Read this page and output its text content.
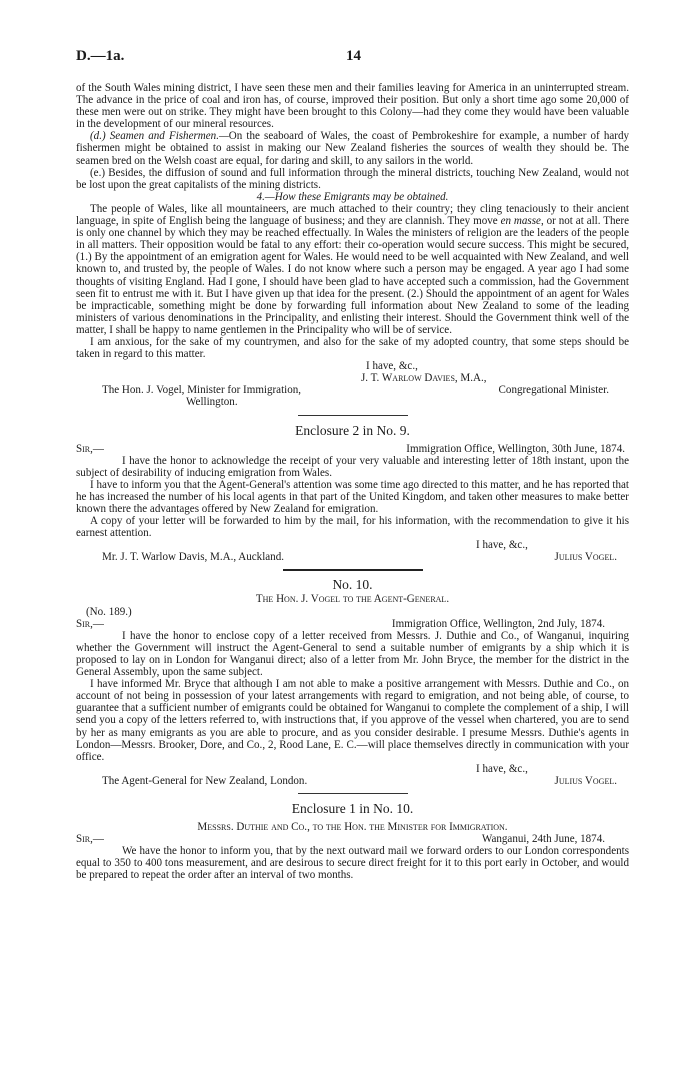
D.—1a.	14

of the South Wales mining district, I have seen these men and their families leaving for America in an uninterrupted stream. The advance in the price of coal and iron has, of course, improved their position. But only a short time ago some 20,000 of these men were out on strike. They might have been brought to this Colony—had they come they would have been valuable in the development of our mineral resources.

(d.) Seamen and Fishermen.—On the seaboard of Wales, the coast of Pembrokeshire for example, a number of hardy fishermen might be obtained to assist in making our New Zealand fisheries the sources of wealth they should be. The seamen bred on the Welsh coast are equal, for daring and skill, to any sailors in the world.

(e.) Besides, the diffusion of sound and full information through the mineral districts, touching New Zealand, would not be lost upon the great capitalists of the mining districts.

4.—How these Emigrants may be obtained.

The people of Wales, like all mountaineers, are much attached to their country; they cling tenaciously to their ancient language, in spite of English being the language of business; and they are clannish. They move en masse, or not at all. There is only one channel by which they may be reached effectually. In Wales the ministers of religion are the leaders of the people in all matters. Their opposition would be fatal to any effort: their co-operation would secure success. This might be secured, (1.) By the appointment of an emigration agent for Wales. He would need to be well acquainted with New Zealand, and well known to, and trusted by, the people of Wales. I do not know where such a person may be engaged. A year ago I had some thoughts of visiting England. Had I gone, I should have been glad to have accepted such a commission, had the Government seen fit to entrust me with it. But I have given up that idea for the present. (2.) Should the appointment of an agent for Wales be impracticable, something might be done by forwarding full information about New Zealand to some of the leading ministers of various denominations in the Principality, and enlisting their interest. Should the Government think well of the matter, I shall be happy to name gentlemen in the Principality who will be of service.

I am anxious, for the sake of my countrymen, and also for the sake of my adopted country, that some steps should be taken in regard to this matter.

I have, &c.,

J. T. Warlow Davies, M.A.,

The Hon. J. Vogel, Minister for Immigration,	Congregational Minister.

Wellington.

Enclosure 2 in No. 9.

Sir,—	Immigration Office, Wellington, 30th June, 1874.

I have the honor to acknowledge the receipt of your very valuable and interesting letter of 18th instant, upon the subject of desirability of inducing emigration from Wales.

I have to inform you that the Agent-General's attention was some time ago directed to this matter, and he has reported that he has increased the number of his local agents in that part of the United Kingdom, and taken other measures to make better known there the advantages offered by New Zealand for emigration.

A copy of your letter will be forwarded to him by the mail, for his information, with the recommendation to give it his earnest attention.

I have, &c.,

Mr. J. T. Warlow Davis, M.A., Auckland.	Julius Vogel.

No. 10.

The Hon. J. Vogel to the Agent-General.

(No. 189.)

Sir,—	Immigration Office, Wellington, 2nd July, 1874.

I have the honor to enclose copy of a letter received from Messrs. J. Duthie and Co., of Wanganui, inquiring whether the Government will instruct the Agent-General to send a suitable number of emigrants by a ship which it is proposed to lay on in London for Wanganui direct; also of a letter from Mr. John Bryce, the member for the district in the General Assembly, upon the same subject.

I have informed Mr. Bryce that although I am not able to make a positive arrangement with Messrs. Duthie and Co., on account of not being in possession of your latest arrangements with regard to emigration, and not being able, of course, to guarantee that a sufficient number of emigrants could be obtained for Wanganui to complete the complement of a ship, I will send you a copy of the letters referred to, with instructions that, if you approve of the vessel when chartered, you are to send by her as many emigrants as you are able to procure, and as you consider desirable. I presume Messrs. Duthie's agents in London—Messrs. Brooker, Dore, and Co., 2, Rood Lane, E. C.—will place themselves directly in communication with your office.

I have, &c.,

The Agent-General for New Zealand, London.	Julius Vogel.

Enclosure 1 in No. 10.

Messrs. Duthie and Co., to the Hon. the Minister for Immigration.

Sir,—	Wanganui, 24th June, 1874.

We have the honor to inform you, that by the next outward mail we forward orders to our London correspondents equal to 350 to 400 tons measurement, and are desirous to secure direct freight for it to this port early in October, and would be prepared to repeat the order after an interval of two months.
